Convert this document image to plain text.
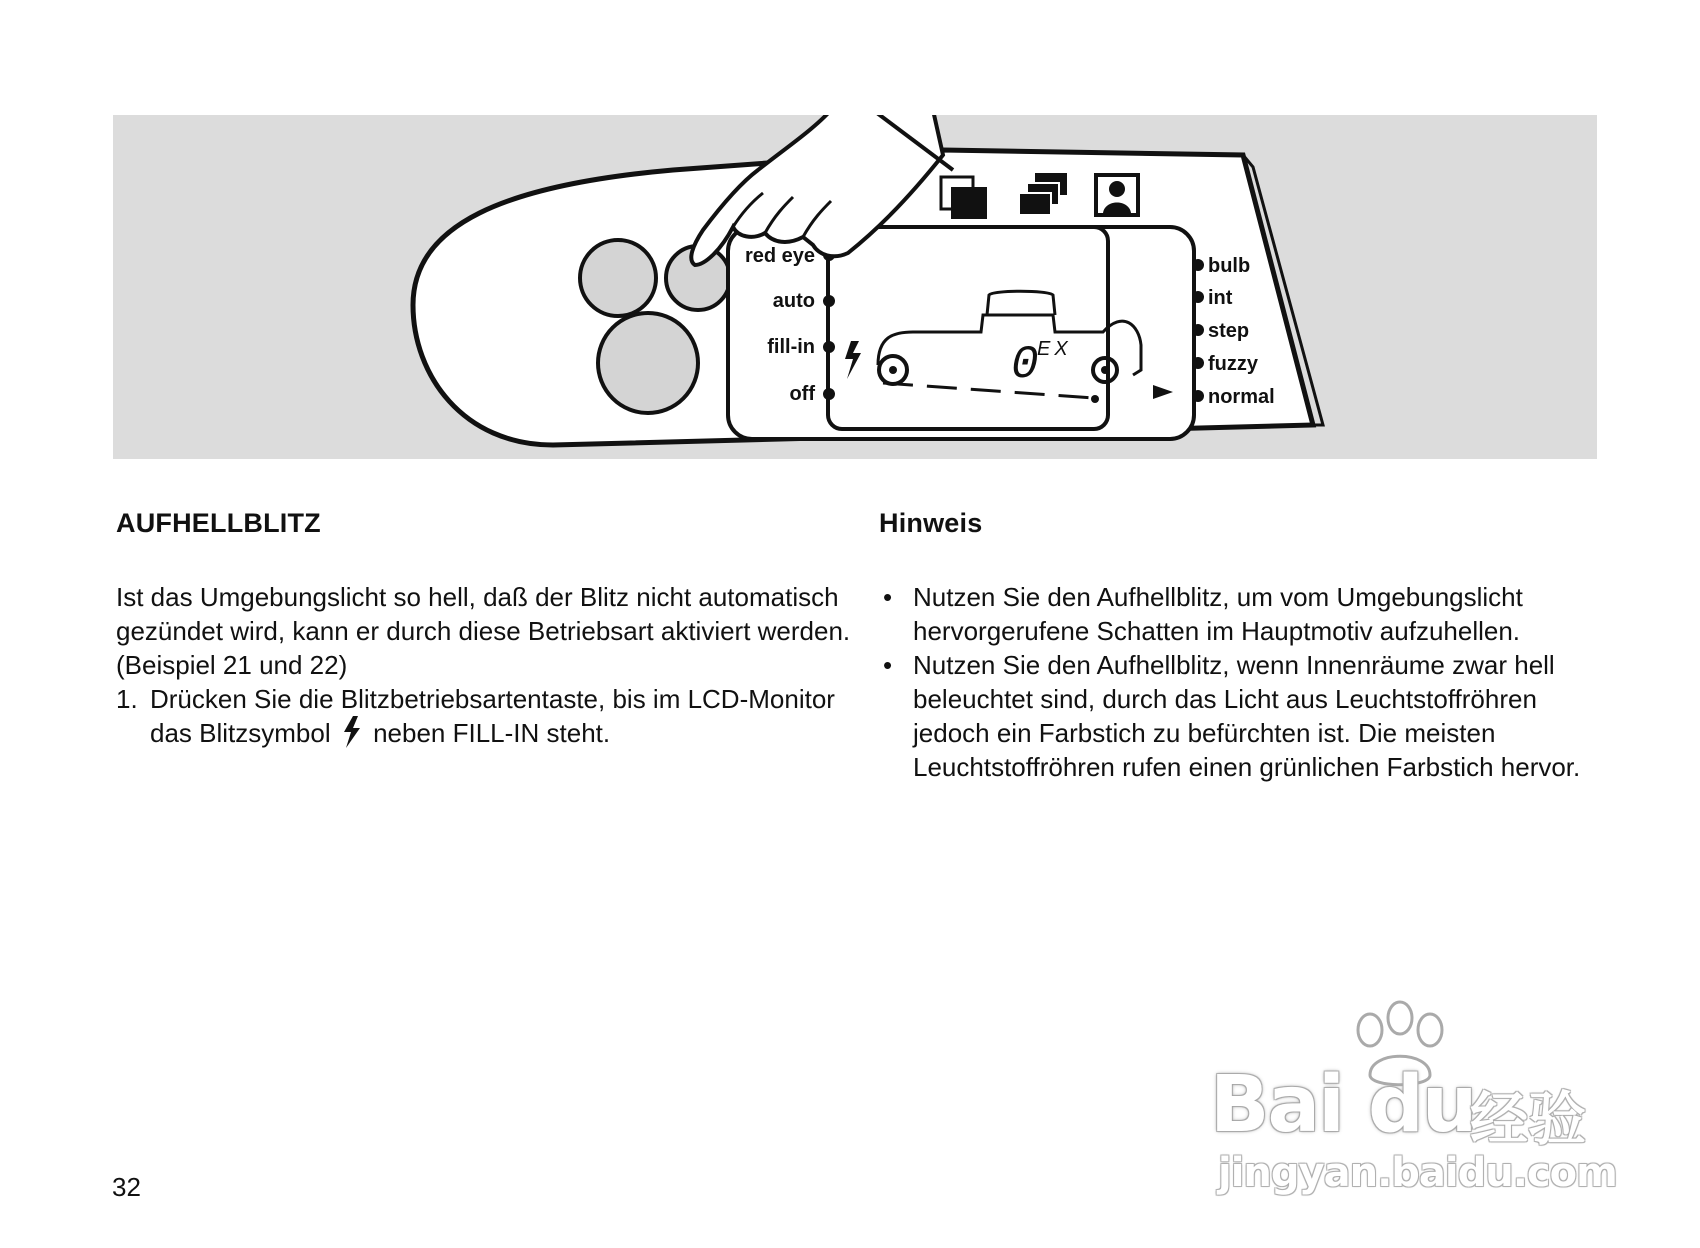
red eye
auto
fill-in
off
bulb
int
step
fuzzy
normal
0
EX
AUFHELLBLITZ

Ist das Umgebungslicht so hell, daß der Blitz nicht automatisch gezündet wird, kann er durch diese Betriebsart aktiviert werden. (Beispiel 21 und 22)

1. Drücken Sie die Blitzbetriebsartentaste, bis im LCD-Monitor das Blitzsymbol neben FILL-IN steht.

Hinweis

• Nutzen Sie den Aufhellblitz, um vom Umgebungslicht hervorgerufene Schatten im Hauptmotiv aufzuhellen.

• Nutzen Sie den Aufhellblitz, wenn Innenräume zwar hell beleuchtet sind, durch das Licht aus Leuchtstoffröhren jedoch ein Farbstich zu befürchten ist. Die meisten Leuchtstoffröhren rufen einen grünlichen Farbstich hervor.

32
Bai du
经验
jingyan.baidu.com
